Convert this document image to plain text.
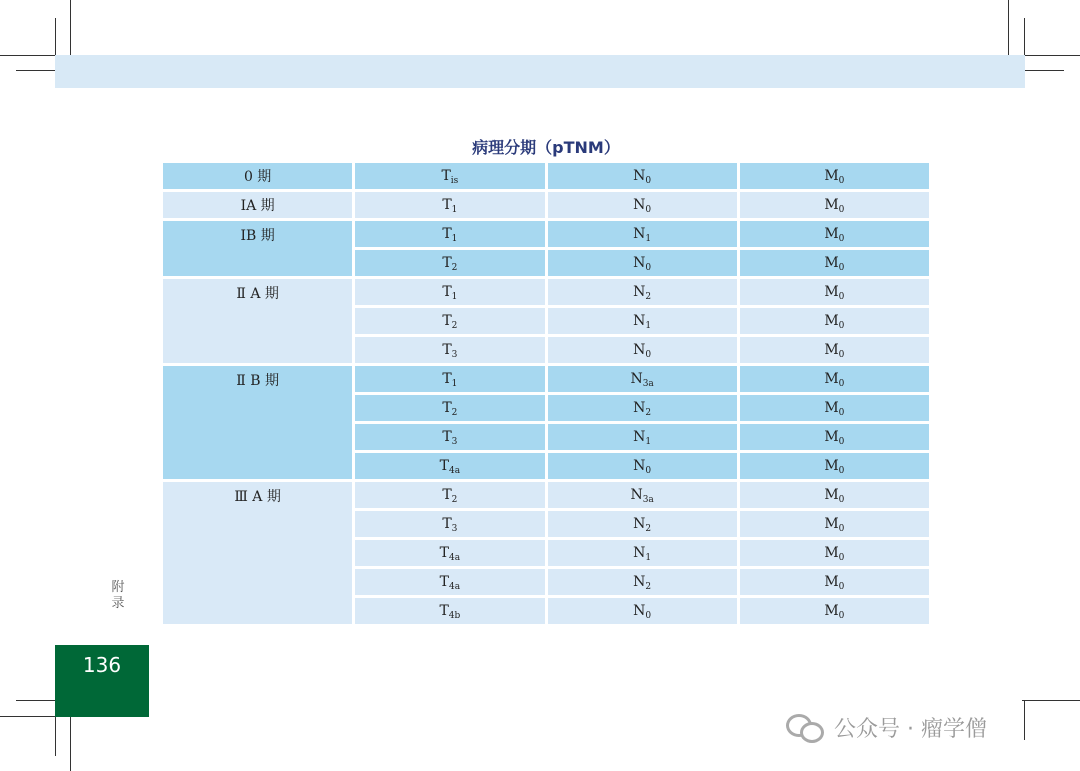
病理分期（pTNM）
0 期	$T_{is}$	$N_0$	$M_0$
IA 期	$T_1$	$N_0$	$M_0$
IB 期	$T_1$	$N_1$	$M_0$
	$T_2$	$N_0$	$M_0$
Ⅱ A 期	$T_1$	$N_2$	$M_0$
	$T_2$	$N_1$	$M_0$
	$T_3$	$N_0$	$M_0$
Ⅱ B 期	$T_1$	$N_{3a}$	$M_0$
	$T_2$	$N_2$	$M_0$
	$T_3$	$N_1$	$M_0$
	$T_{4a}$	$N_0$	$M_0$
Ⅲ A 期	$T_2$	$N_{3a}$	$M_0$
	$T_3$	$N_2$	$M_0$
	$T_{4a}$	$N_1$	$M_0$
	$T_{4a}$	$N_2$	$M_0$
	$T_{4b}$	$N_0$	$M_0$
附
录
136
公众号 · 瘤学僧
